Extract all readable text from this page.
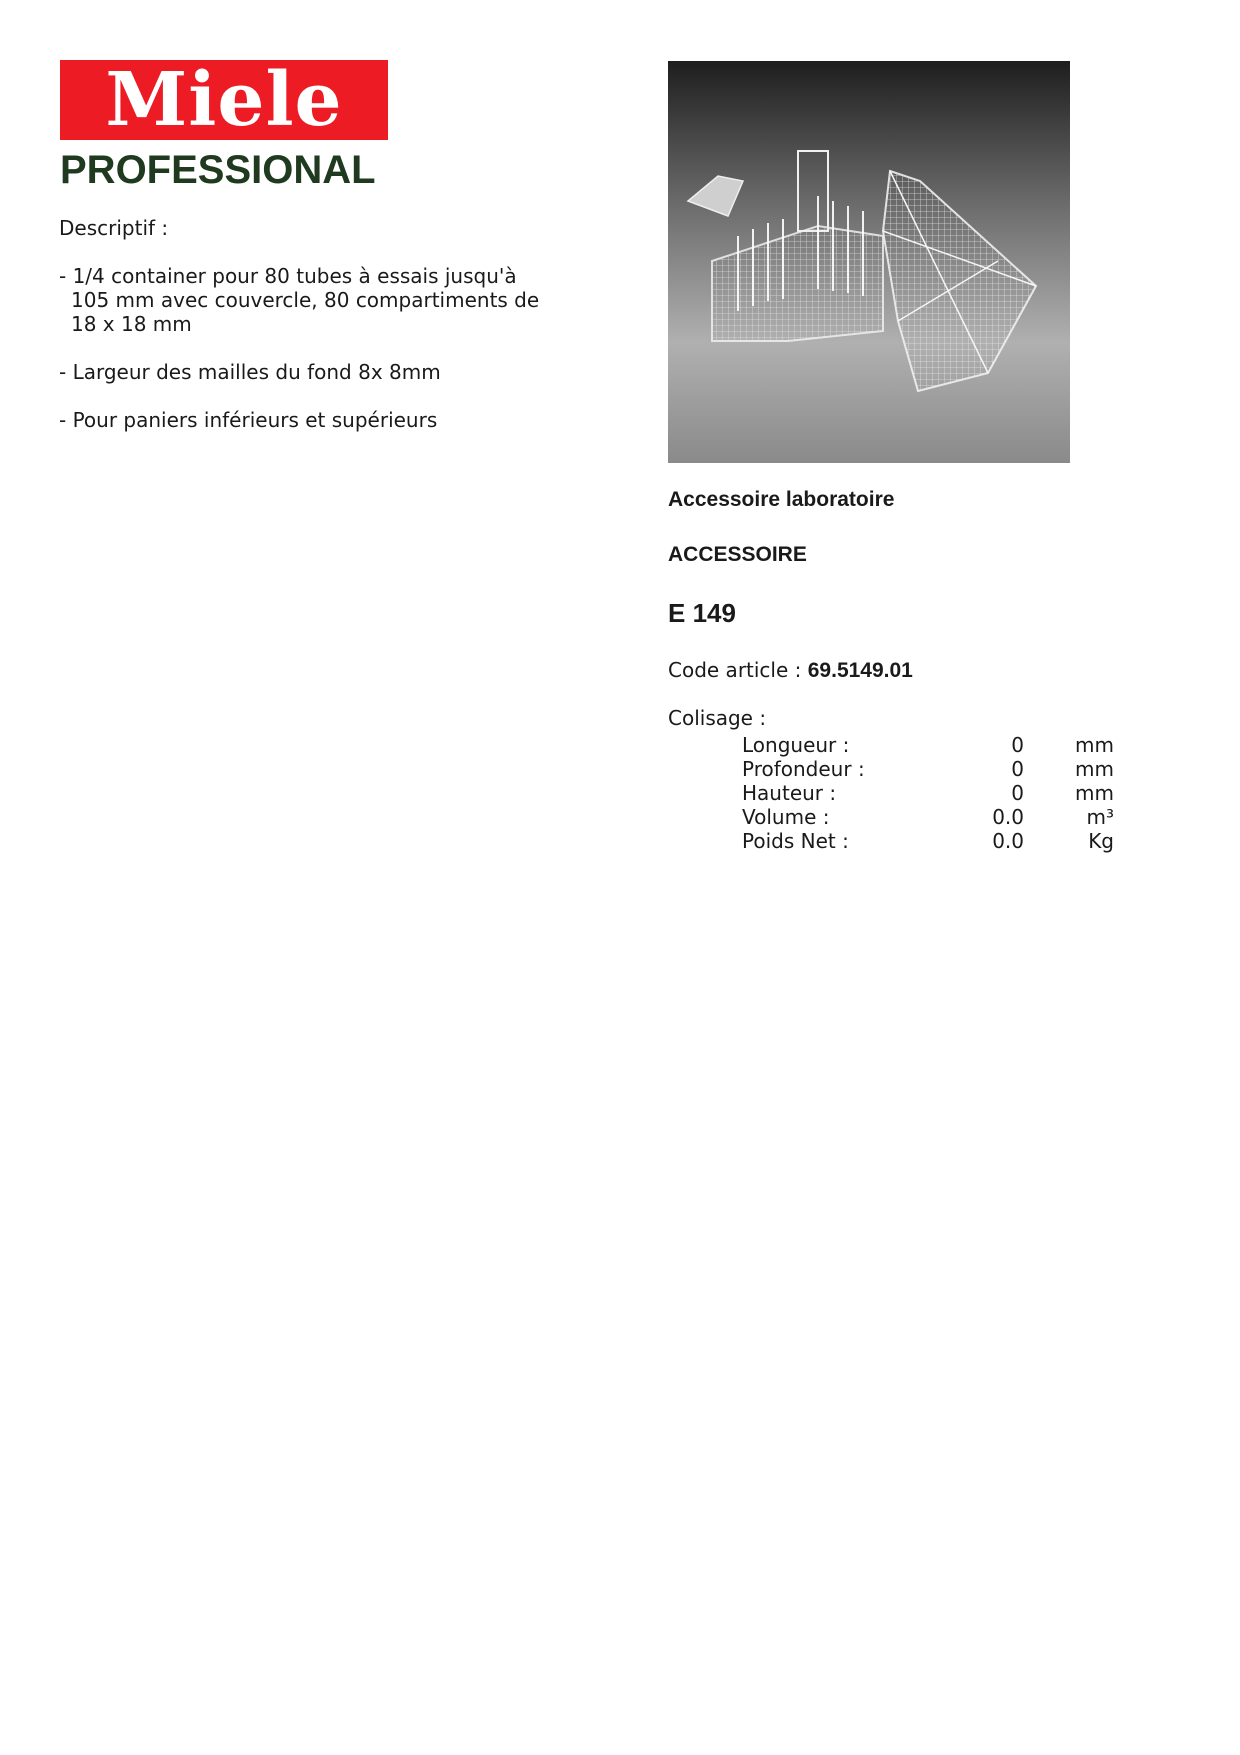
Miele
PROFESSIONAL
Descriptif :
- 1/4 container pour 80 tubes à essais jusqu'à
105 mm avec couvercle, 80 compartiments de
18 x 18 mm
- Largeur des mailles du fond 8x 8mm
- Pour paniers inférieurs et supérieurs
Accessoire laboratoire
ACCESSOIRE
E 149
Code article : 69.5149.01
Colisage :
Longueur :	0	mm
Profondeur :	0	mm
Hauteur :	0	mm
Volume :	0.0	m³
Poids Net :	0.0	Kg
